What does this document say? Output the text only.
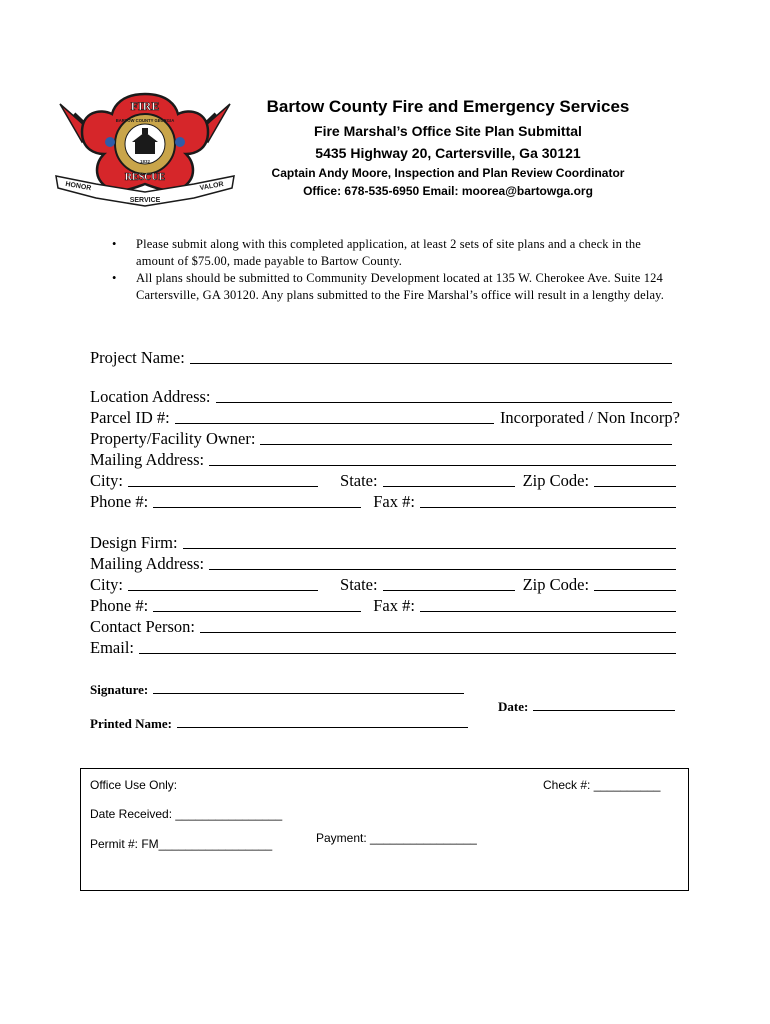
FIRE
BARTOW COUNTY GEORGIA
1832
RESCUE
HONOR
SERVICE
VALOR
Bartow County Fire and Emergency Services
Fire Marshal’s Office Site Plan Submittal
5435 Highway 20, Cartersville, Ga 30121
Captain Andy Moore, Inspection and Plan Review Coordinator
Office: 678-535-6950 Email: moorea@bartowga.org
• Please submit along with this completed application, at least 2 sets of site plans and a check in the amount of $75.00, made payable to Bartow County.
• All plans should be submitted to Community Development located at 135 W. Cherokee Ave. Suite 124 Cartersville, GA 30120. Any plans submitted to the Fire Marshal’s office will result in a lengthy delay.
Project Name:
Location Address:
Parcel ID #:	Incorporated / Non Incorp?
Property/Facility Owner:
Mailing Address:
City:	State:	Zip Code:
Phone #:	Fax #:
Design Firm:
Mailing Address:
City:	State:	Zip Code:
Phone #:	Fax #:
Contact Person:
Email:
Signature:
Date:
Printed Name:
Office Use Only:	Check #: __________
Date Received: ________________
Permit #: FM_________________	Payment: ________________
